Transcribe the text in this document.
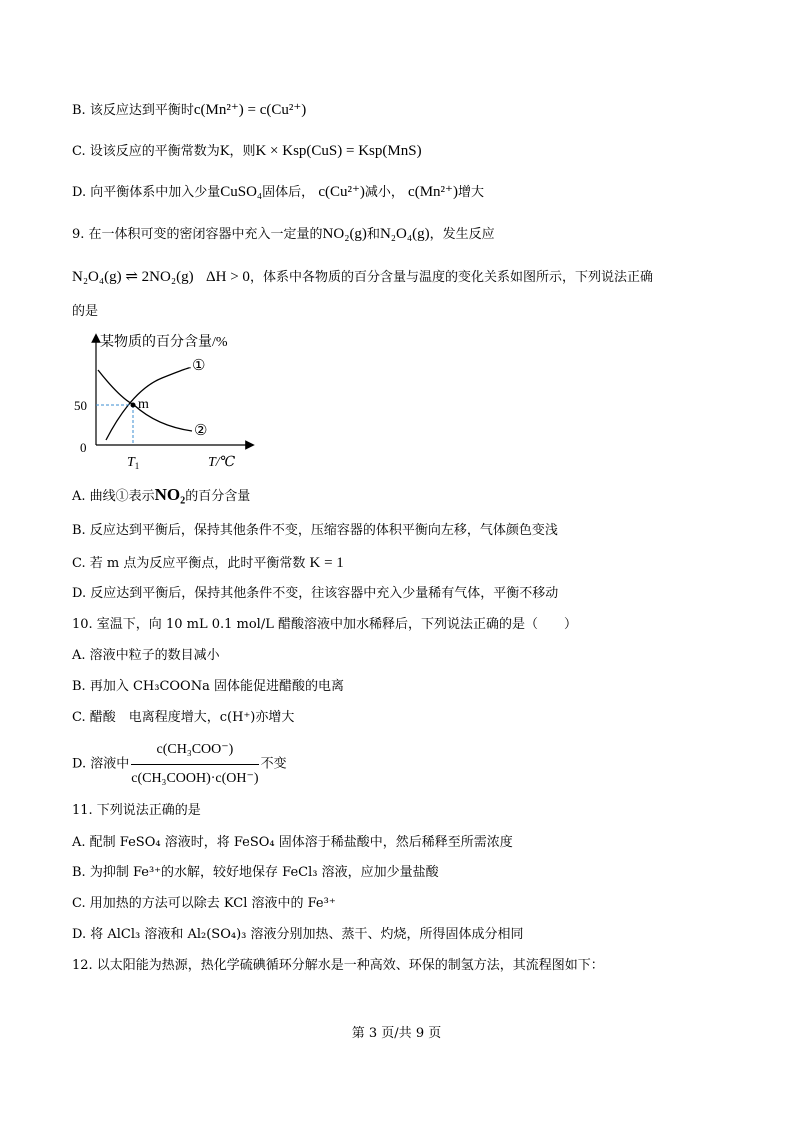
B. 该反应达到平衡时c(Mn²⁺) = c(Cu²⁺)
C. 设该反应的平衡常数为K，则K × Ksp(CuS) = Ksp(MnS)
D. 向平衡体系中加入少量CuSO₄固体后， c(Cu²⁺)减小， c(Mn²⁺)增大
9. 在一体积可变的密闭容器中充入一定量的NO₂(g)和N₂O₄(g)，发生反应
N₂O₄(g) ⇌ 2NO₂(g) ΔH > 0，体系中各物质的百分含量与温度的变化关系如图所示，下列说法正确
的是
某物质的百分含量/%
50
0
m
①
②
$T_1$	T/℃
A. 曲线①表示NO₂的百分含量
B. 反应达到平衡后，保持其他条件不变，压缩容器的体积平衡向左移，气体颜色变浅
C. 若 m 点为反应平衡点，此时平衡常数 K = 1
D. 反应达到平衡后，保持其他条件不变，往该容器中充入少量稀有气体，平衡不移动
10. 室温下，向 10 mL 0.1 mol/L 醋酸溶液中加水稀释后，下列说法正确的是（　　）
A. 溶液中粒子的数目减小
B. 再加入 CH₃COONa 固体能促进醋酸的电离
C. 醋酸　电离程度增大，c(H⁺)亦增大
D. 溶液中 $\frac{\text{c(CH₃COO⁻)}}{\text{c(CH₃COOH)·c(OH⁻)}}$ 不变
11. 下列说法正确的是
A. 配制 FeSO₄ 溶液时，将 FeSO₄ 固体溶于稀盐酸中，然后稀释至所需浓度
B. 为抑制 Fe³⁺的水解，较好地保存 FeCl₃ 溶液，应加少量盐酸
C. 用加热的方法可以除去 KCl 溶液中的 Fe³⁺
D. 将 AlCl₃ 溶液和 Al₂(SO₄)₃ 溶液分别加热、蒸干、灼烧，所得固体成分相同
12. 以太阳能为热源，热化学硫碘循环分解水是一种高效、环保的制氢方法，其流程图如下：
第 3 页/共 9 页
